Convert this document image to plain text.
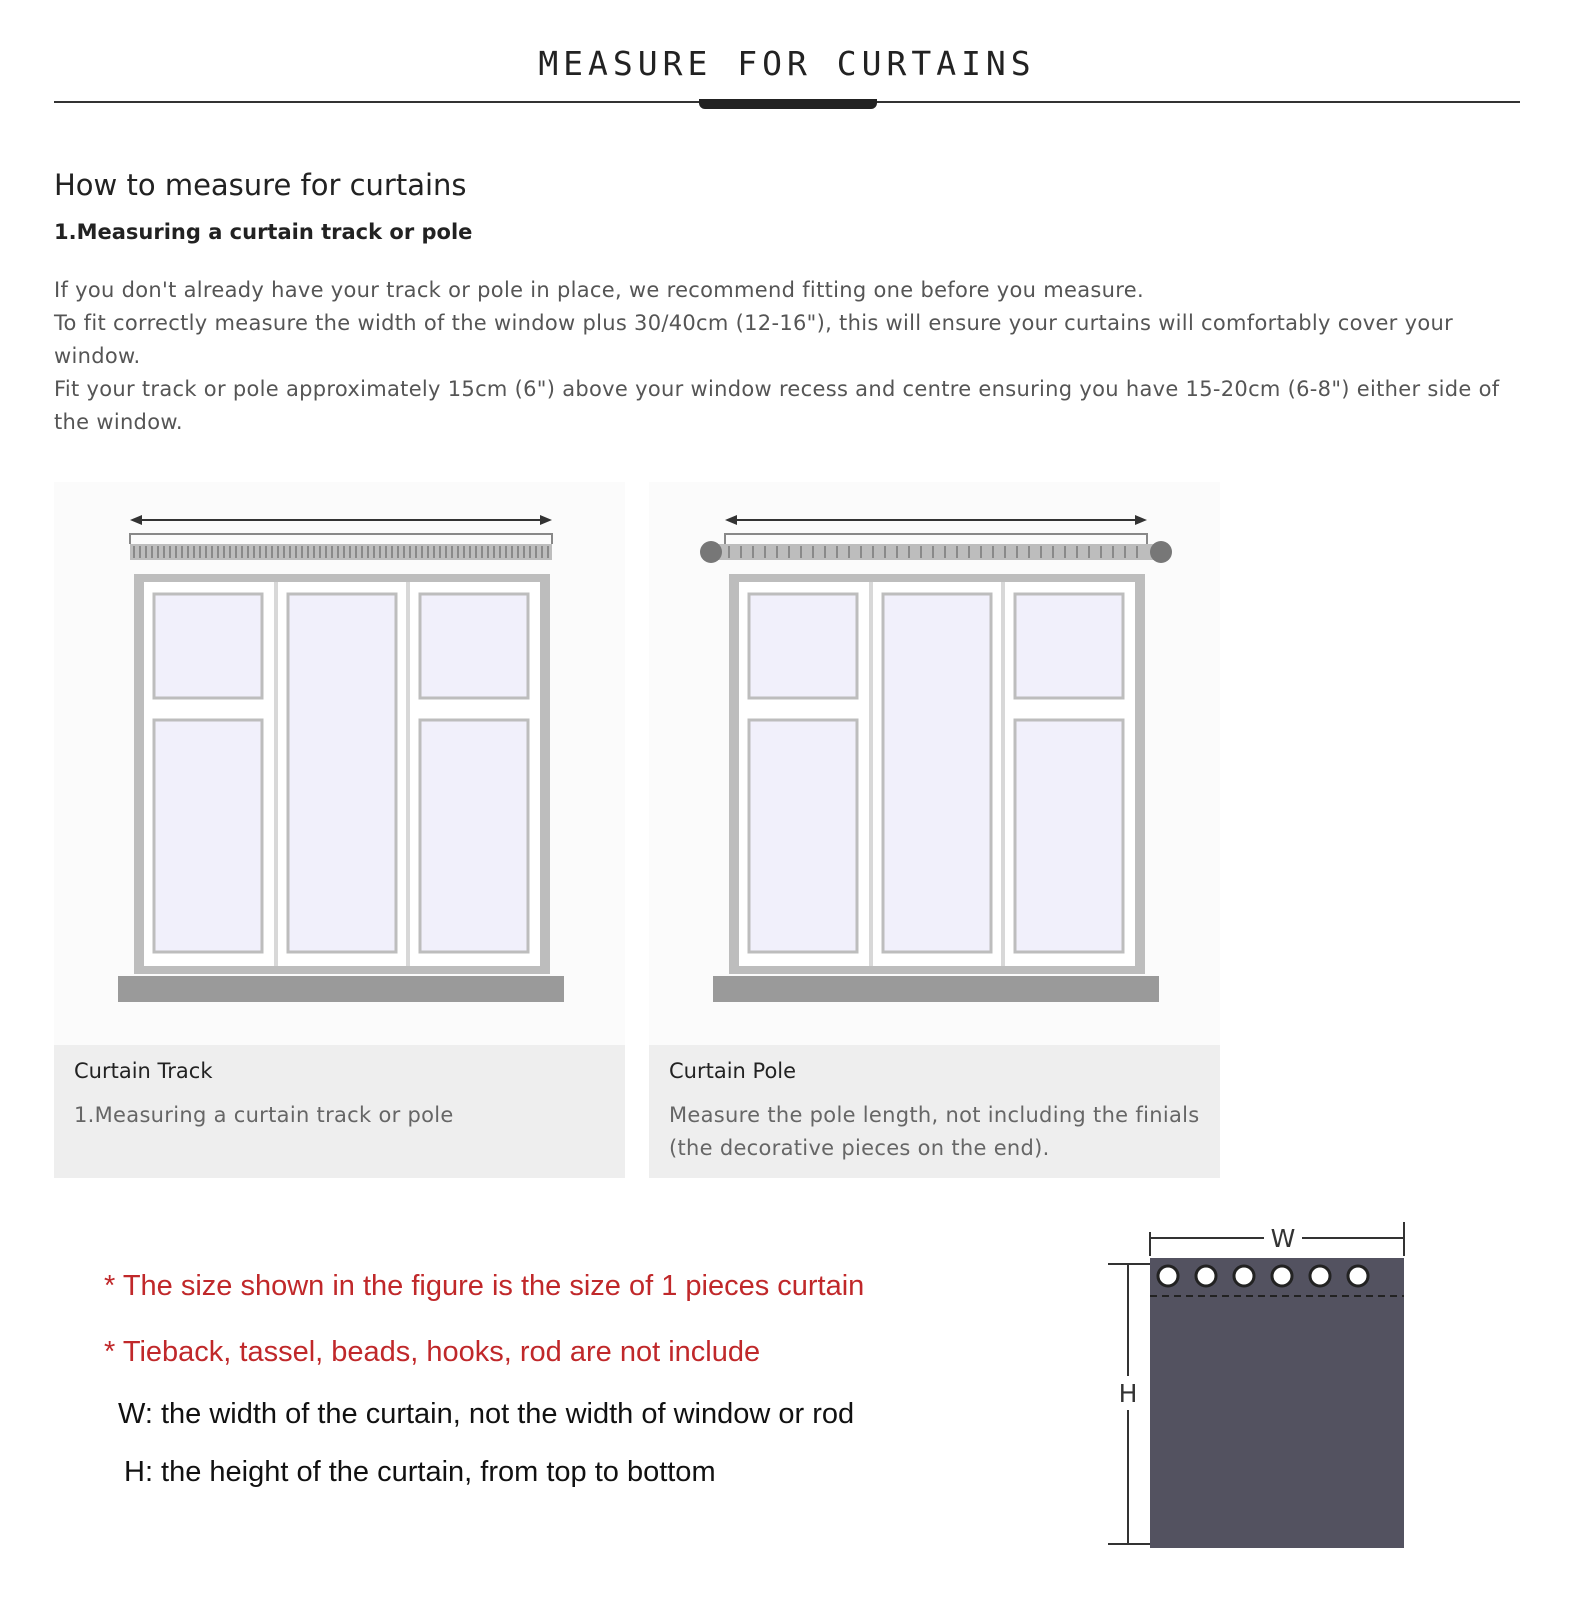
MEASURE FOR CURTAINS
How to measure for curtains
1.Measuring a curtain track or pole

If you don't already have your track or pole in place, we recommend fitting one before you measure.

To fit correctly measure the width of the window plus 30/40cm (12-16"), this will ensure your curtains will comfortably cover your window.

Fit your track or pole approximately 15cm (6") above your window recess and centre ensuring you have 15-20cm (6-8") either side of the window.

Curtain Track
1.Measuring a curtain track or pole
Curtain Pole
Measure the pole length, not including the finials (the decorative pieces on the end).
* The size shown in the figure is the size of 1 pieces curtain
* Tieback, tassel, beads, hooks, rod are not include
W: the width of the curtain, not the width of window or rod
H: the height of the curtain, from top to bottom
W
H
